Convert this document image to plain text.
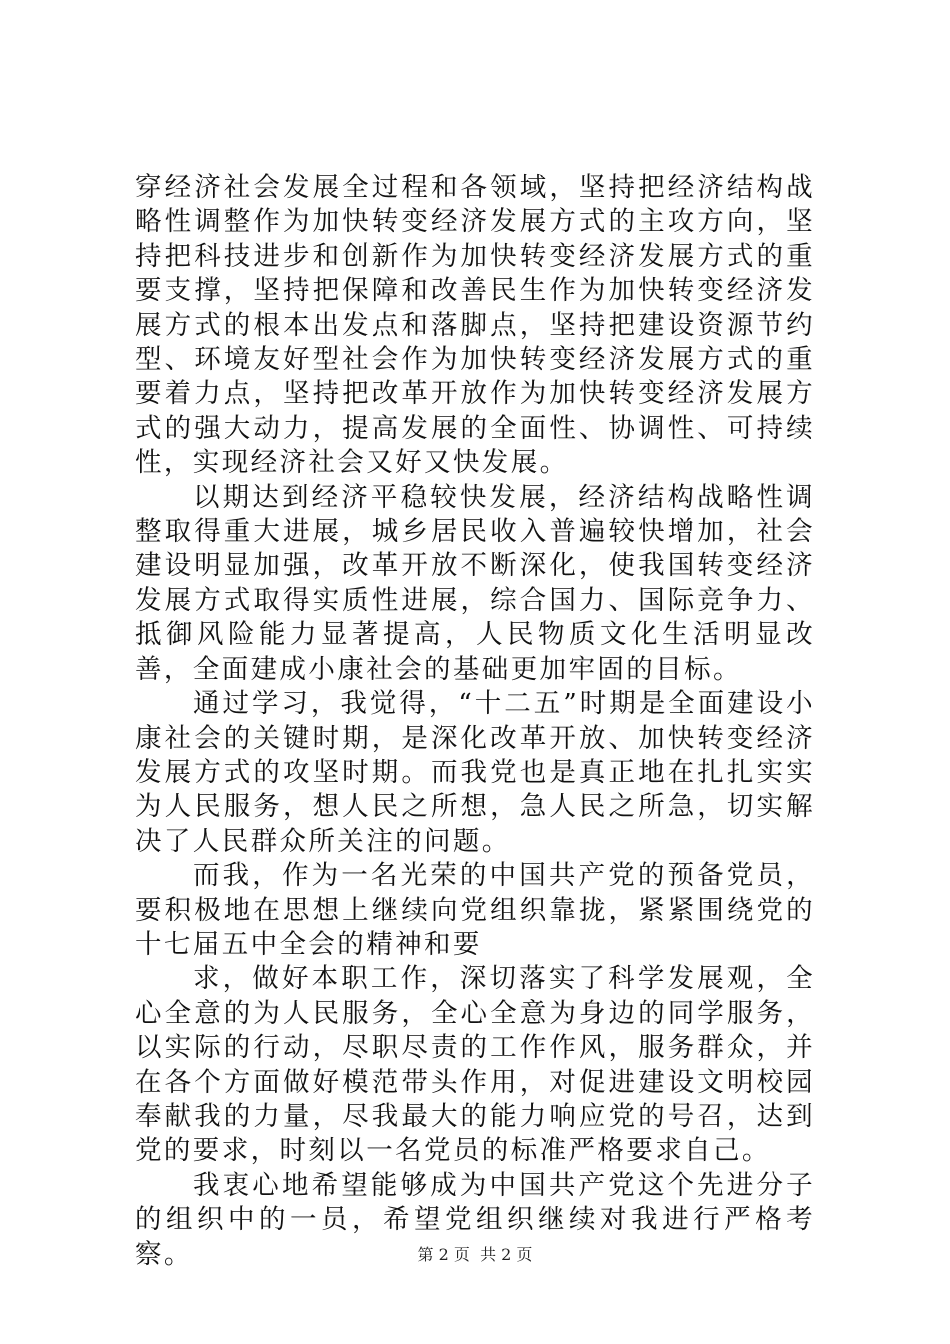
穿经济社会发展全过程和各领域，坚持把经济结构战略性调整作为加快转变经济发展方式的主攻方向，坚持把科技进步和创新作为加快转变经济发展方式的重要支撑，坚持把保障和改善民生作为加快转变经济发展方式的根本出发点和落脚点，坚持把建设资源节约型、环境友好型社会作为加快转变经济发展方式的重要着力点，坚持把改革开放作为加快转变经济发展方式的强大动力，提高发展的全面性、协调性、可持续性，实现经济社会又好又快发展。

以期达到经济平稳较快发展，经济结构战略性调整取得重大进展，城乡居民收入普遍较快增加，社会建设明显加强，改革开放不断深化，使我国转变经济发展方式取得实质性进展，综合国力、国际竞争力、抵御风险能力显著提高，人民物质文化生活明显改善，全面建成小康社会的基础更加牢固的目标。

通过学习，我觉得，“十二五”时期是全面建设小康社会的关键时期，是深化改革开放、加快转变经济发展方式的攻坚时期。而我党也是真正地在扎扎实实为人民服务，想人民之所想，急人民之所急，切实解决了人民群众所关注的问题。

而我，作为一名光荣的中国共产党的预备党员，要积极地在思想上继续向党组织靠拢，紧紧围绕党的十七届五中全会的精神和要

求，做好本职工作，深切落实了科学发展观，全心全意的为人民服务，全心全意为身边的同学服务，以实际的行动，尽职尽责的工作作风，服务群众，并在各个方面做好模范带头作用，对促进建设文明校园奉献我的力量，尽我最大的能力响应党的号召，达到党的要求，时刻以一名党员的标准严格要求自己。

我衷心地希望能够成为中国共产党这个先进分子的组织中的一员，希望党组织继续对我进行严格考察。	第 2 页 共 2 页
